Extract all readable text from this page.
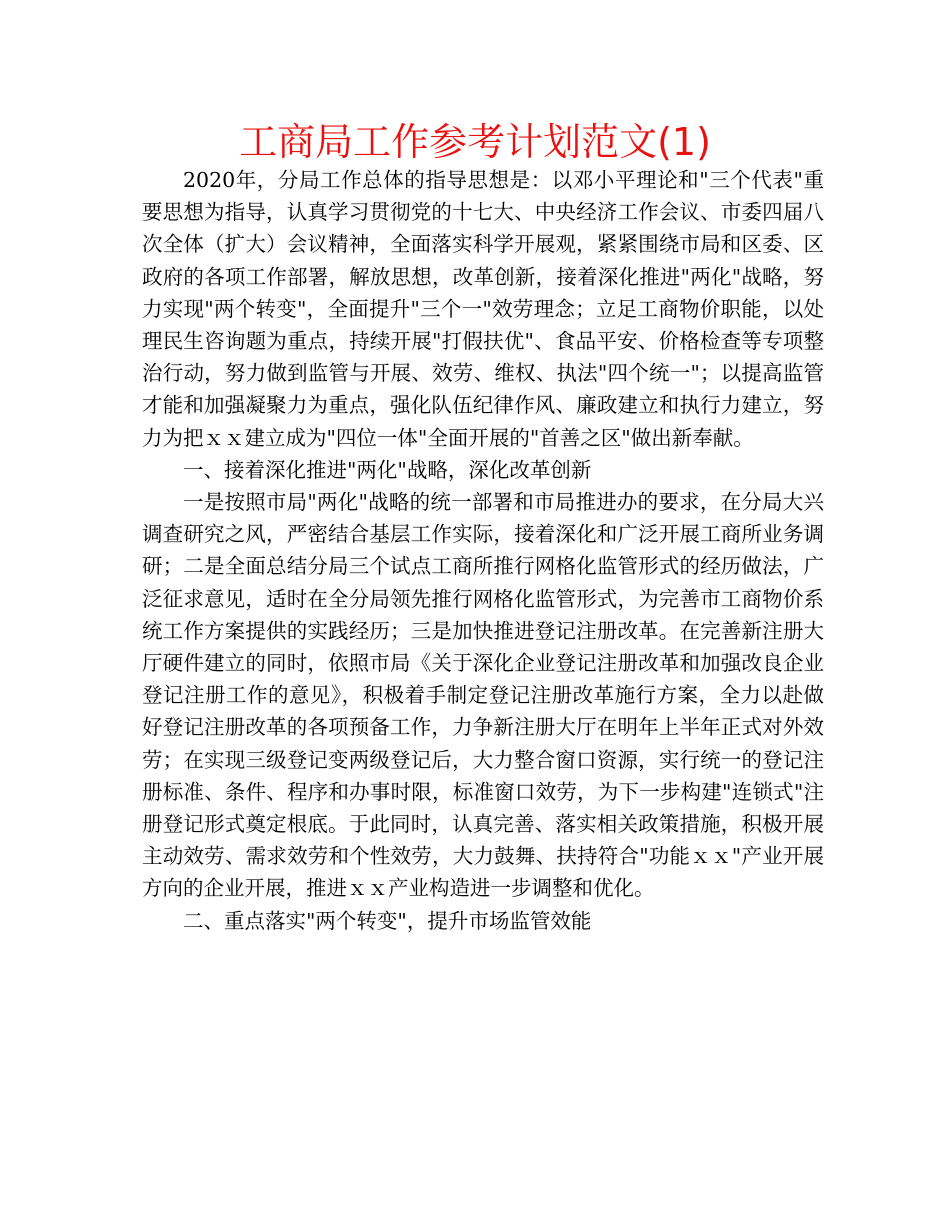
工商局工作参考计划范文(1)

2020年，分局工作总体的指导思想是：以邓小平理论和"三个代表"重要思想为指导，认真学习贯彻党的十七大、中央经济工作会议、市委四届八次全体（扩大）会议精神，全面落实科学开展观，紧紧围绕市局和区委、区政府的各项工作部署，解放思想，改革创新，接着深化推进"两化"战略，努力实现"两个转变"，全面提升"三个一"效劳理念；立足工商物价职能，以处理民生咨询题为重点，持续开展"打假扶优"、食品平安、价格检查等专项整治行动，努力做到监管与开展、效劳、维权、执法"四个统一"；以提高监管才能和加强凝聚力为重点，强化队伍纪律作风、廉政建立和执行力建立，努力为把ｘｘ建立成为"四位一体"全面开展的"首善之区"做出新奉献。

一、接着深化推进"两化"战略，深化改革创新

一是按照市局"两化"战略的统一部署和市局推进办的要求，在分局大兴调查研究之风，严密结合基层工作实际，接着深化和广泛开展工商所业务调研；二是全面总结分局三个试点工商所推行网格化监管形式的经历做法，广泛征求意见，适时在全分局领先推行网格化监管形式，为完善市工商物价系统工作方案提供的实践经历；三是加快推进登记注册改革。在完善新注册大厅硬件建立的同时，依照市局《关于深化企业登记注册改革和加强改良企业登记注册工作的意见》，积极着手制定登记注册改革施行方案，全力以赴做好登记注册改革的各项预备工作，力争新注册大厅在明年上半年正式对外效劳；在实现三级登记变两级登记后，大力整合窗口资源，实行统一的登记注册标准、条件、程序和办事时限，标准窗口效劳，为下一步构建"连锁式"注册登记形式奠定根底。于此同时，认真完善、落实相关政策措施，积极开展主动效劳、需求效劳和个性效劳，大力鼓舞、扶持符合"功能ｘｘ"产业开展方向的企业开展，推进ｘｘ产业构造进一步调整和优化。

二、重点落实"两个转变"，提升市场监管效能
